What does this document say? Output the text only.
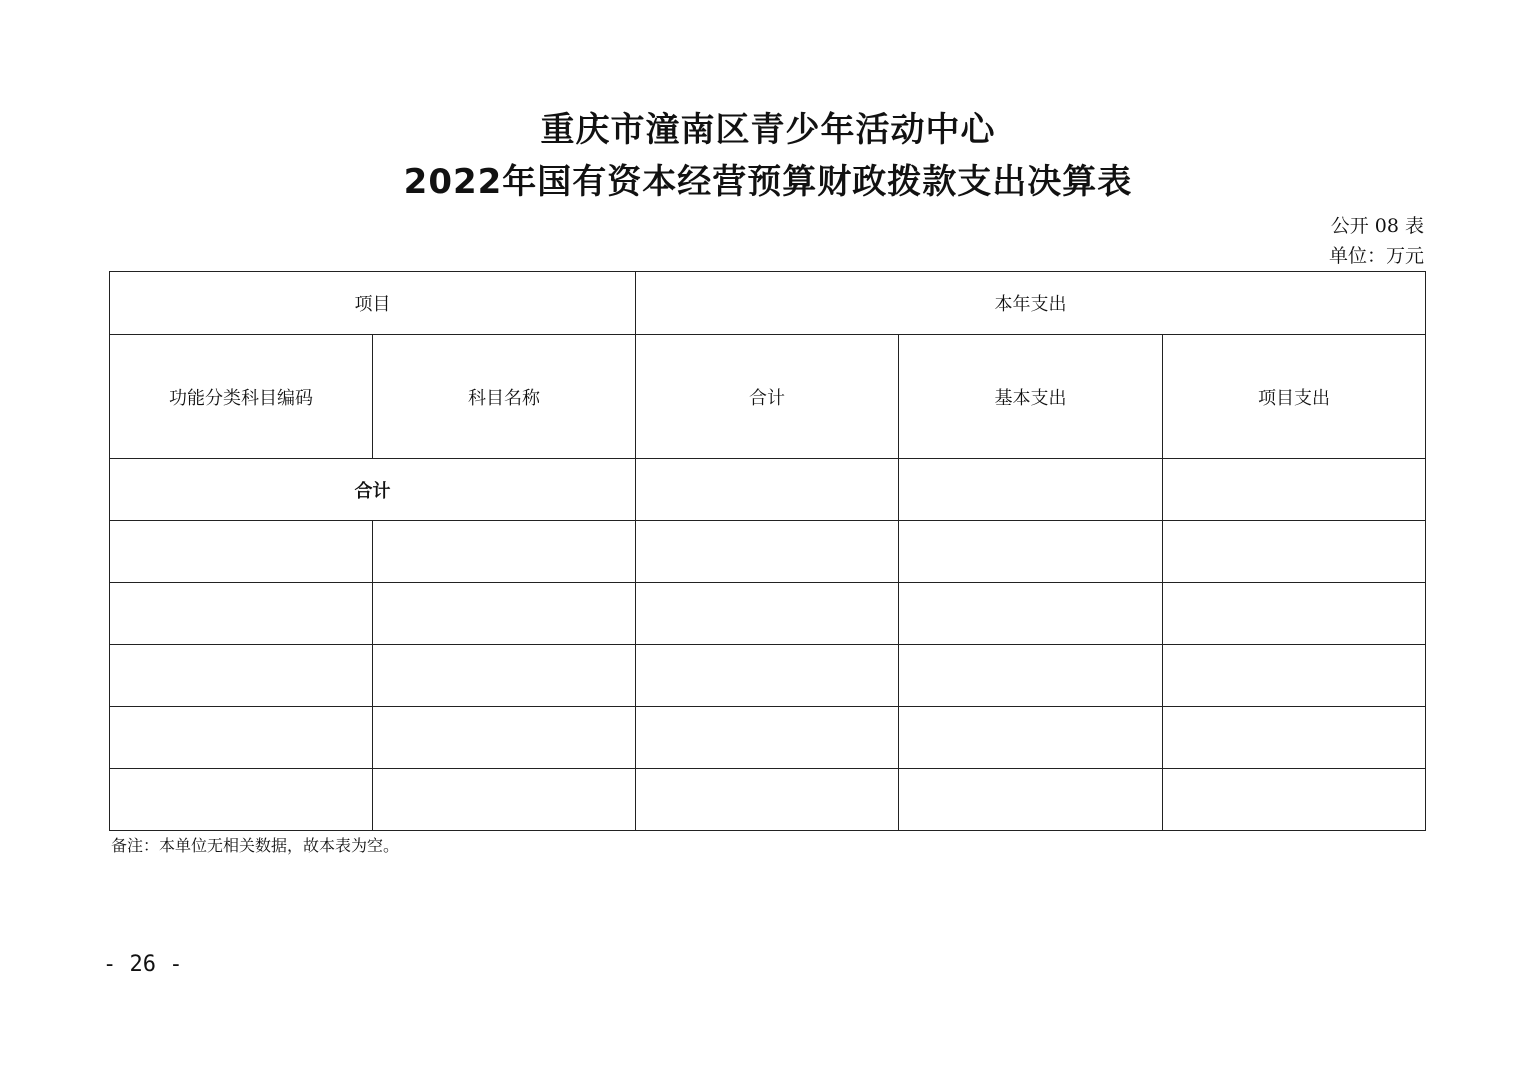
重庆市潼南区青少年活动中心
2022年国有资本经营预算财政拨款支出决算表
公开 08 表
单位：万元
项目		本年支出		
功能分类科目编码	科目名称	合计	基本支出	项目支出
合计				

备注：本单位无相关数据，故本表为空。
- 26 -
